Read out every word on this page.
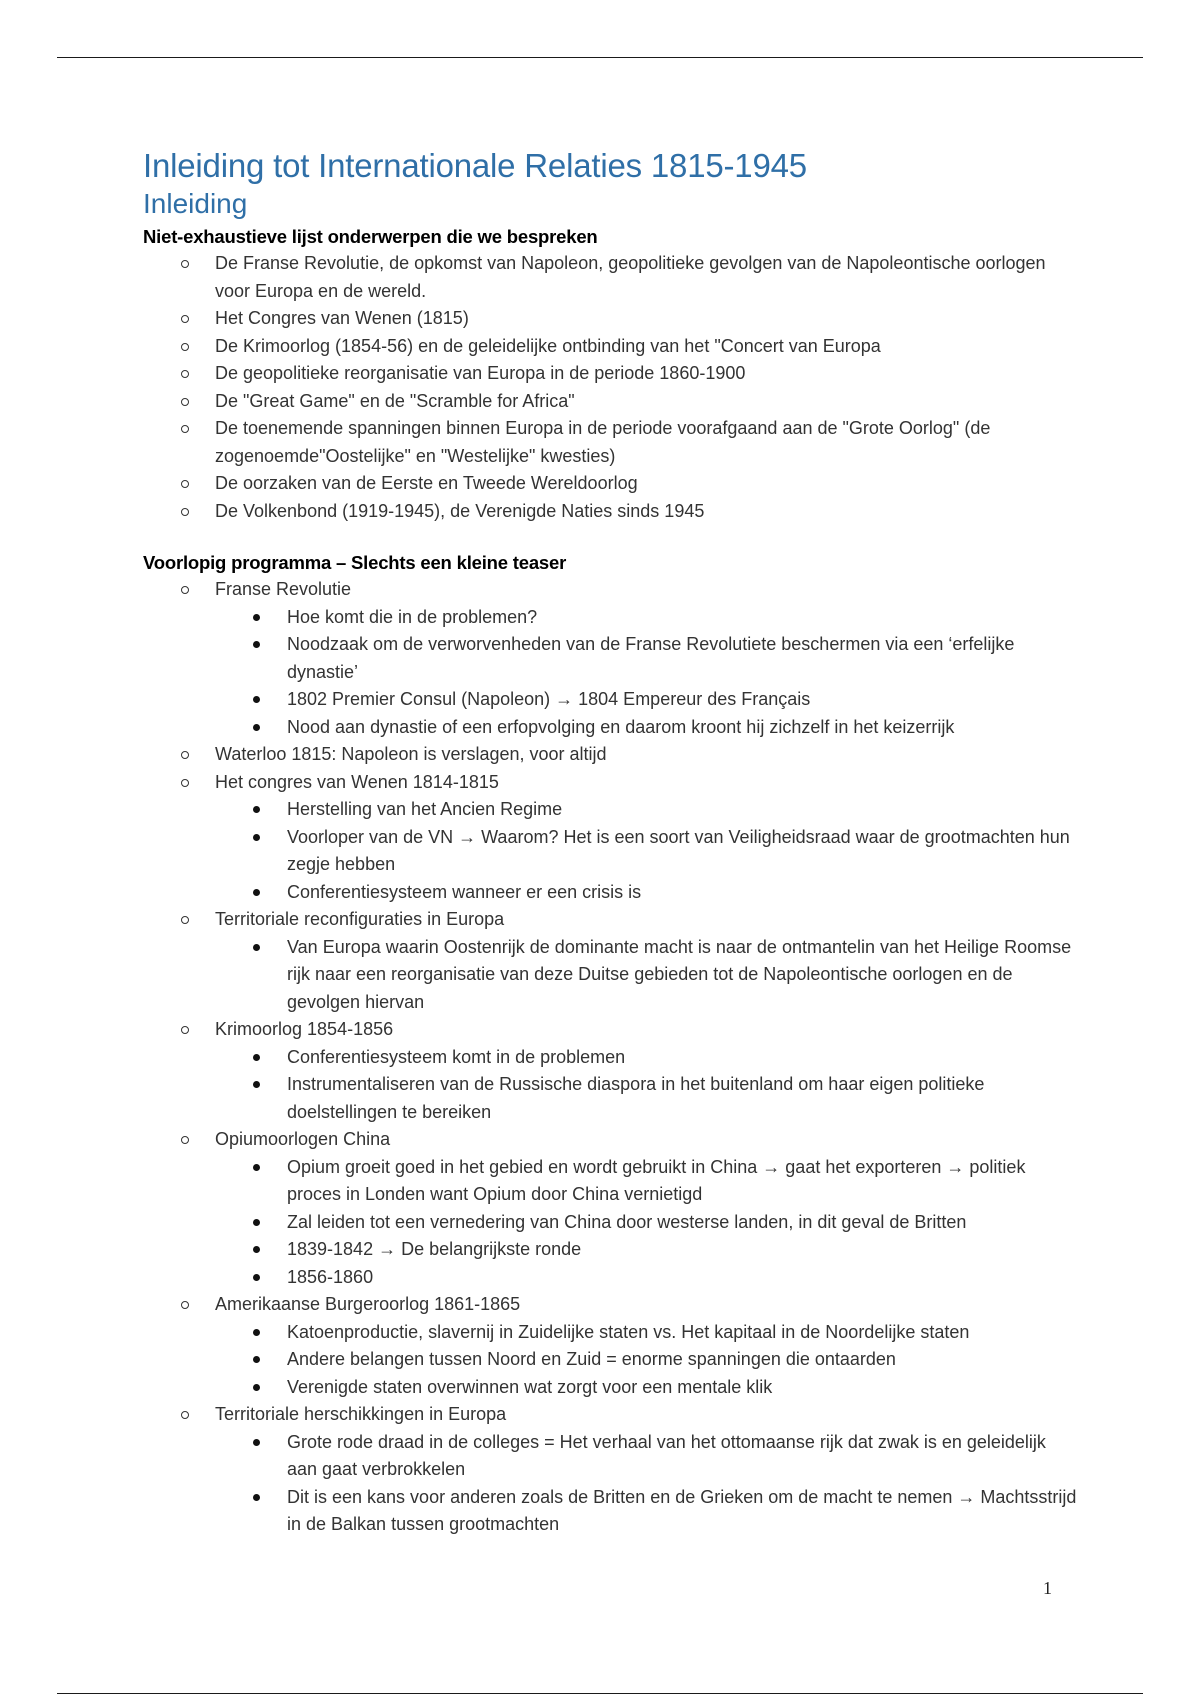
Inleiding tot Internationale Relaties 1815-1945
Inleiding
Niet-exhaustieve lijst onderwerpen die we bespreken
De Franse Revolutie, de opkomst van Napoleon, geopolitieke gevolgen van de Napoleontische oorlogen voor Europa en de wereld.
Het Congres van Wenen (1815)
De Krimoorlog (1854-56) en de geleidelijke ontbinding van het "Concert van Europa
De geopolitieke reorganisatie van Europa in de periode 1860-1900
De "Great Game" en de "Scramble for Africa"
De toenemende spanningen binnen Europa in de periode voorafgaand aan de "Grote Oorlog" (de zogenoemde"Oostelijke" en "Westelijke" kwesties)
De oorzaken van de Eerste en Tweede Wereldoorlog
De Volkenbond (1919-1945), de Verenigde Naties sinds 1945
Voorlopig programma – Slechts een kleine teaser
Franse Revolutie
Hoe komt die in de problemen?
Noodzaak om de verworvenheden van de Franse Revolutiete beschermen via een ‘erfelijke dynastie’
1802 Premier Consul (Napoleon) → 1804 Empereur des Français
Nood aan dynastie of een erfopvolging en daarom kroont hij zichzelf in het keizerrijk
Waterloo 1815: Napoleon is verslagen, voor altijd
Het congres van Wenen 1814-1815
Herstelling van het Ancien Regime
Voorloper van de VN → Waarom? Het is een soort van Veiligheidsraad waar de grootmachten hun zegje hebben
Conferentiesysteem wanneer er een crisis is
Territoriale reconfiguraties in Europa
Van Europa waarin Oostenrijk de dominante macht is naar de ontmantelin van het Heilige Roomse rijk naar een reorganisatie van deze Duitse gebieden tot de Napoleontische oorlogen en de gevolgen hiervan
Krimoorlog 1854-1856
Conferentiesysteem komt in de problemen
Instrumentaliseren van de Russische diaspora in het buitenland om haar eigen politieke doelstellingen te bereiken
Opiumoorlogen China
Opium groeit goed in het gebied en wordt gebruikt in China → gaat het exporteren → politiek proces in Londen want Opium door China vernietigd
Zal leiden tot een vernedering van China door westerse landen, in dit geval de Britten
1839-1842 → De belangrijkste ronde
1856-1860
Amerikaanse Burgeroorlog 1861-1865
Katoenproductie, slavernij in Zuidelijke staten vs. Het kapitaal in de Noordelijke staten
Andere belangen tussen Noord en Zuid = enorme spanningen die ontaarden
Verenigde staten overwinnen wat zorgt voor een mentale klik
Territoriale herschikkingen in Europa
Grote rode draad in de colleges = Het verhaal van het ottomaanse rijk dat zwak is en geleidelijk aan gaat verbrokkelen
Dit is een kans voor anderen zoals de Britten en de Grieken om de macht te nemen → Machtsstrijd in de Balkan tussen grootmachten
1
